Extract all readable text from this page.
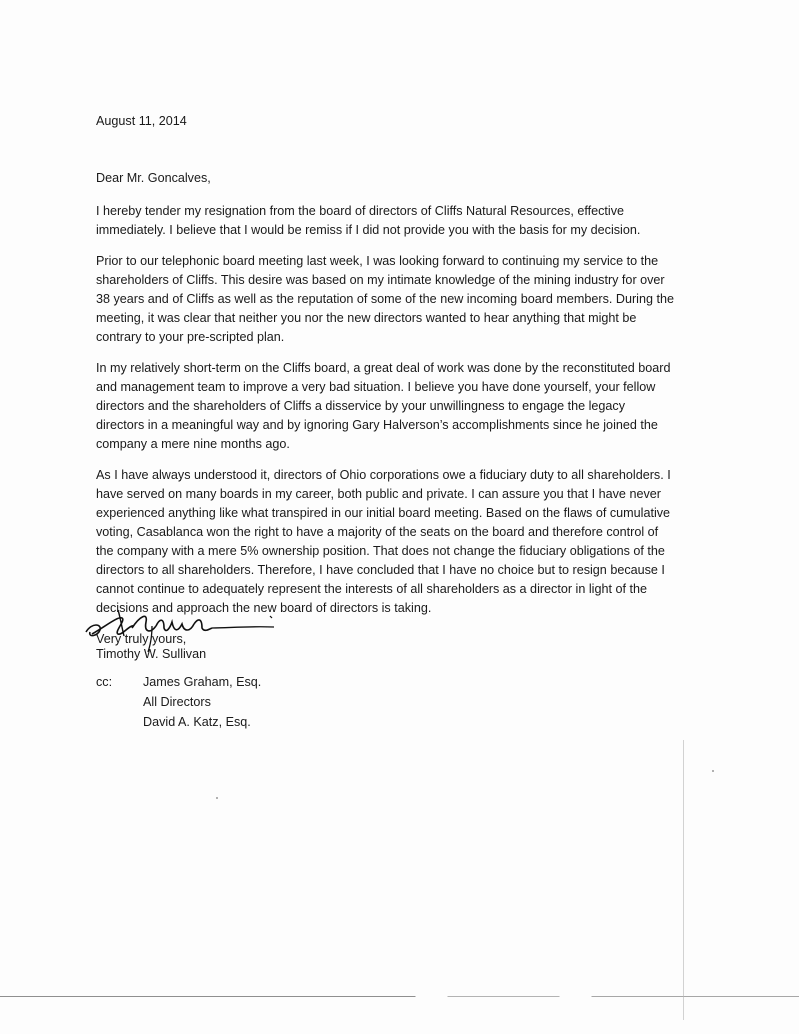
August 11, 2014

Dear Mr. Goncalves,

I hereby tender my resignation from the board of directors of Cliffs Natural Resources, effective immediately. I believe that I would be remiss if I did not provide you with the basis for my decision.

Prior to our telephonic board meeting last week, I was looking forward to continuing my service to the shareholders of Cliffs. This desire was based on my intimate knowledge of the mining industry for over 38 years and of Cliffs as well as the reputation of some of the new incoming board members. During the meeting, it was clear that neither you nor the new directors wanted to hear anything that might be contrary to your pre-scripted plan.

In my relatively short-term on the Cliffs board, a great deal of work was done by the reconstituted board and management team to improve a very bad situation. I believe you have done yourself, your fellow directors and the shareholders of Cliffs a disservice by your unwillingness to engage the legacy directors in a meaningful way and by ignoring Gary Halverson’s accomplishments since he joined the company a mere nine months ago.

As I have always understood it, directors of Ohio corporations owe a fiduciary duty to all shareholders. I have served on many boards in my career, both public and private. I can assure you that I have never experienced anything like what transpired in our initial board meeting. Based on the flaws of cumulative voting, Casablanca won the right to have a majority of the seats on the board and therefore control of the company with a mere 5% ownership position. That does not change the fiduciary obligations of the directors to all shareholders. Therefore, I have concluded that I have no choice but to resign because I cannot continue to adequately represent the interests of all shareholders as a director in light of the decisions and approach the new board of directors is taking.

Very truly yours,

Timothy W. Sullivan
cc:	James Graham, Esq.
All Directors
David A. Katz, Esq.
